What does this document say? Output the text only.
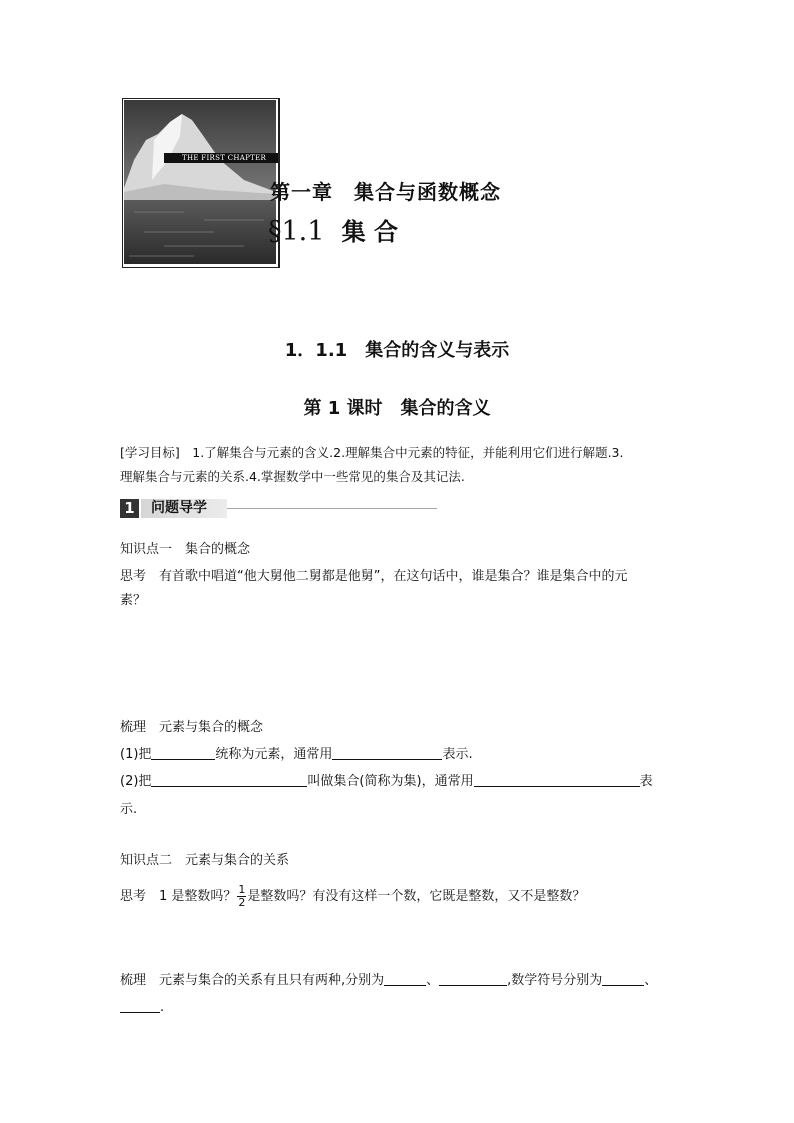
THE FIRST CHAPTER
第一章　集合与函数概念
§1.1 集 合
1．1.1　集合的含义与表示
第 1 课时　集合的含义
[学习目标]　1.了解集合与元素的含义.2.理解集合中元素的特征，并能利用它们进行解题.3.
理解集合与元素的关系.4.掌握数学中一些常见的集合及其记法.
1	问题导学
知识点一　集合的概念
思考　有首歌中唱道“他大舅他二舅都是他舅”，在这句话中，谁是集合？谁是集合中的元
素？
梳理　元素与集合的概念
(1)把	统称为元素，通常用	表示.
(2)把	叫做集合(简称为集)，通常用	表
示.
知识点二　元素与集合的关系
思考　1 是整数吗？ $\frac{1}{2}$ 是整数吗？有没有这样一个数，它既是整数，又不是整数？
梳理　元素与集合的关系有且只有两种,分别为	、	,数学符号分别为	、
.
